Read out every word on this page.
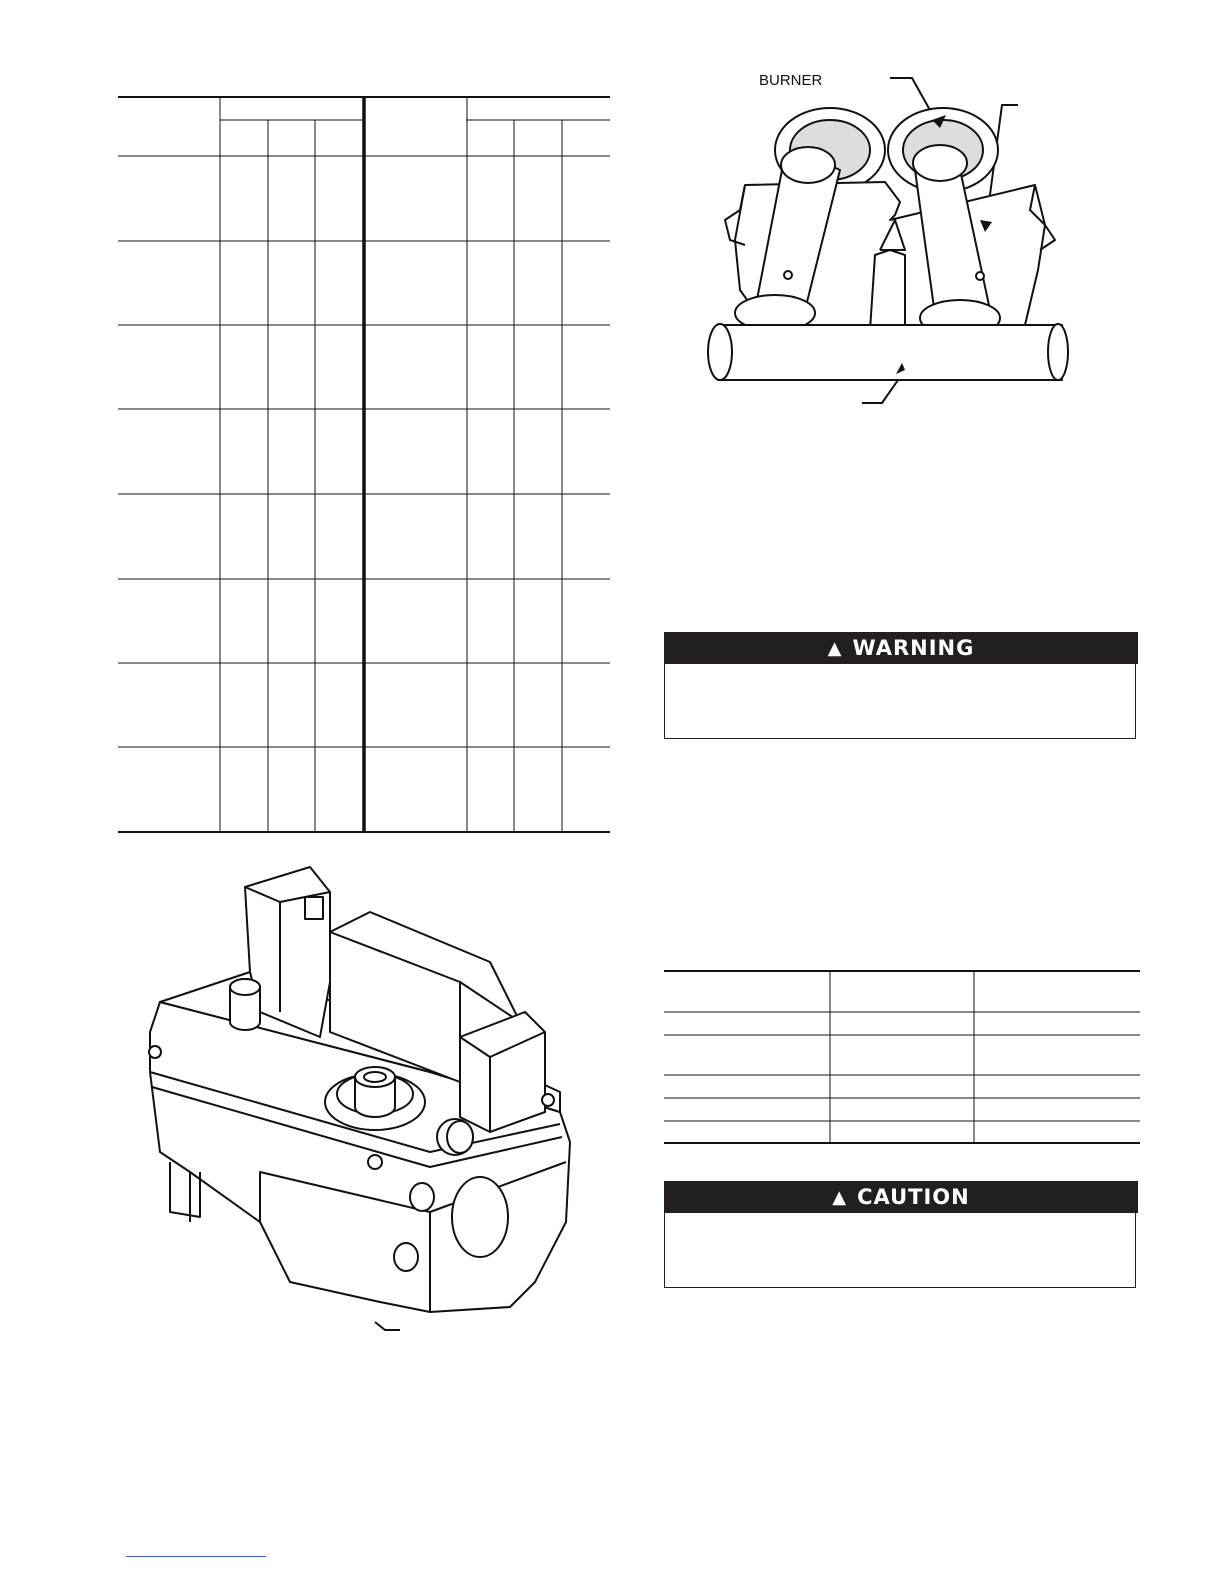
BURNER
▲ WARNING
▲ CAUTION
